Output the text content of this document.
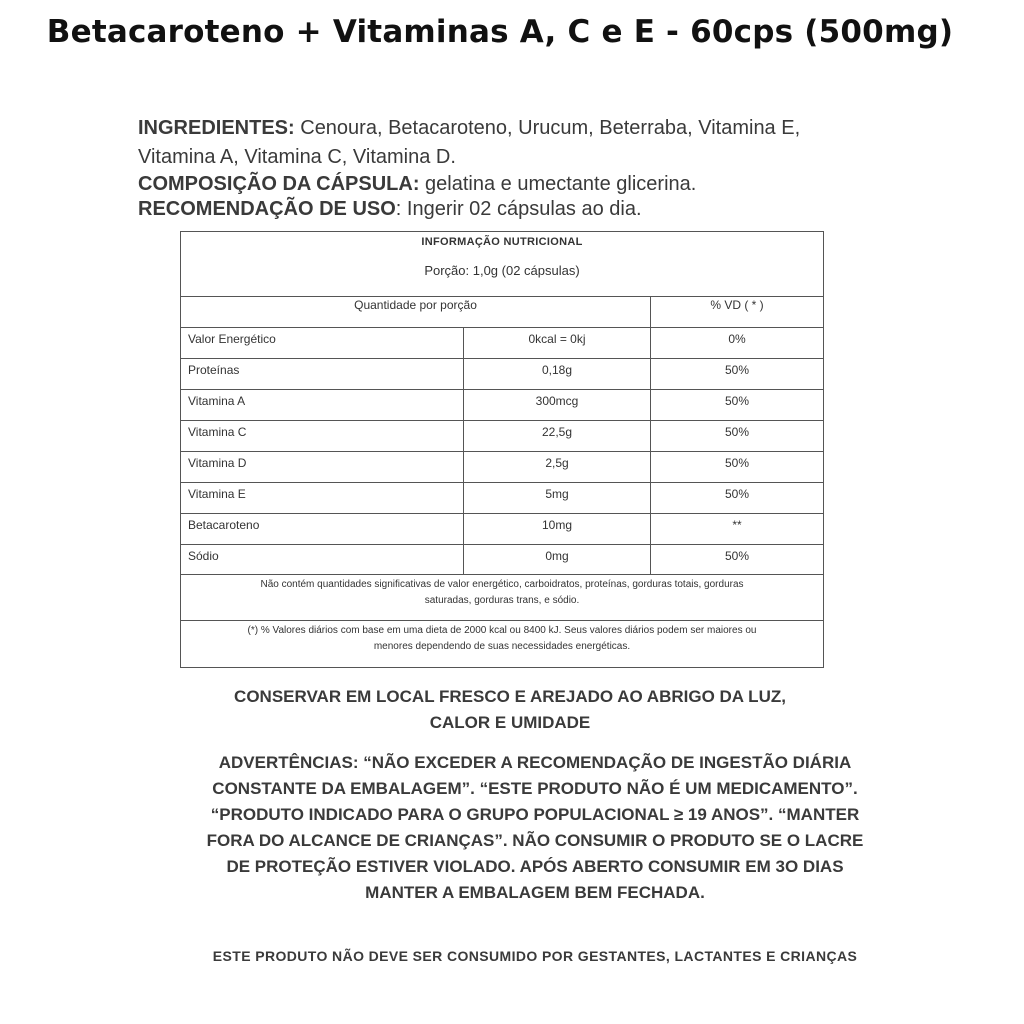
Betacaroteno + Vitaminas A, C e E - 60cps (500mg)

INGREDIENTES: Cenoura, Betacaroteno, Urucum, Beterraba, Vitamina E,

Vitamina A, Vitamina C, Vitamina D.

COMPOSIÇÃO DA CÁPSULA: gelatina e umectante glicerina.

RECOMENDAÇÃO DE USO: Ingerir 02 cápsulas ao dia.

INFORMAÇÃO NUTRICIONAL
Porção: 1,0g (02 cápsulas)
Quantidade por porção	% VD ( * )
Valor Energético	0kcal = 0kj	0%
Proteínas	0,18g	50%
Vitamina A	300mcg	50%
Vitamina C	22,5g	50%
Vitamina D	2,5g	50%
Vitamina E	5mg	50%
Betacaroteno	10mg	**
Sódio	0mg	50%
Não contém quantidades significativas de valor energético, carboidratos, proteínas, gorduras totais, gorduras
saturadas, gorduras trans, e sódio.
(*) % Valores diários com base em uma dieta de 2000 kcal ou 8400 kJ. Seus valores diários podem ser maiores ou
menores dependendo de suas necessidades energéticas.
CONSERVAR EM LOCAL FRESCO E AREJADO AO ABRIGO DA LUZ,
CALOR E UMIDADE
ADVERTÊNCIAS: “NÃO EXCEDER A RECOMENDAÇÃO DE INGESTÃO DIÁRIA
CONSTANTE DA EMBALAGEM”. “ESTE PRODUTO NÃO É UM MEDICAMENTO”.
“PRODUTO INDICADO PARA O GRUPO POPULACIONAL ≥ 19 ANOS”. “MANTER
FORA DO ALCANCE DE CRIANÇAS”. NÃO CONSUMIR O PRODUTO SE O LACRE
DE PROTEÇÃO ESTIVER VIOLADO. APÓS ABERTO CONSUMIR EM 3O DIAS
MANTER A EMBALAGEM BEM FECHADA.
ESTE PRODUTO NÃO DEVE SER CONSUMIDO POR GESTANTES, LACTANTES E CRIANÇAS
